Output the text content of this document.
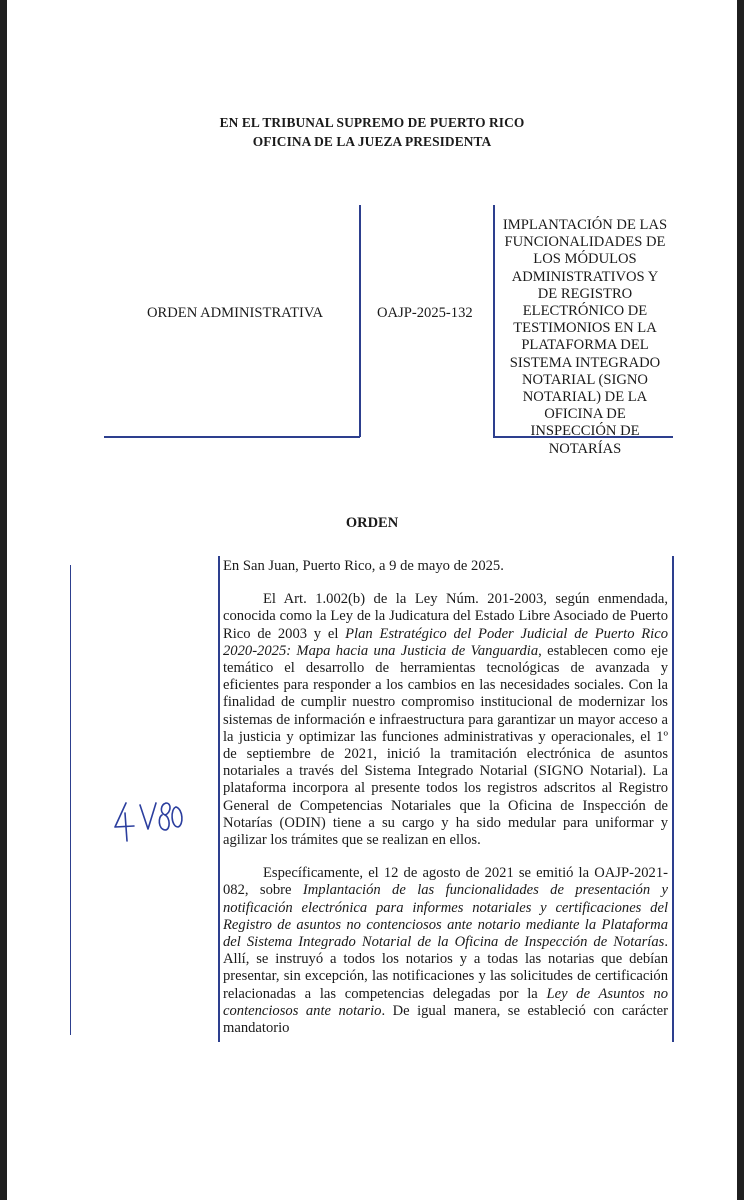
EN EL TRIBUNAL SUPREMO DE PUERTO RICO
OFICINA DE LA JUEZA PRESIDENTA
ORDEN ADMINISTRATIVA	OAJP-2025-132
IMPLANTACIÓN DE LAS
FUNCIONALIDADES DE
LOS MÓDULOS
ADMINISTRATIVOS Y
DE REGISTRO
ELECTRÓNICO DE
TESTIMONIOS EN LA
PLATAFORMA DEL
SISTEMA INTEGRADO
NOTARIAL (SIGNO
NOTARIAL) DE LA
OFICINA DE
INSPECCIÓN DE
NOTARÍAS
ORDEN

En San Juan, Puerto Rico, a 9 de mayo de 2025.

El Art. 1.002(b) de la Ley Núm. 201-2003, según enmendada, conocida como la Ley de la Judicatura del Estado Libre Asociado de Puerto Rico de 2003 y el Plan Estratégico del Poder Judicial de Puerto Rico 2020-2025: Mapa hacia una Justicia de Vanguardia, establecen como eje temático el desarrollo de herramientas tecnológicas de avanzada y eficientes para responder a los cambios en las necesidades sociales. Con la finalidad de cumplir nuestro compromiso institucional de modernizar los sistemas de información e infraestructura para garantizar un mayor acceso a la justicia y optimizar las funciones administrativas y operacionales, el 1º de septiembre de 2021, inició la tramitación electrónica de asuntos notariales a través del Sistema Integrado Notarial (SIGNO Notarial). La plataforma incorpora al presente todos los registros adscritos al Registro General de Competencias Notariales que la Oficina de Inspección de Notarías (ODIN) tiene a su cargo y ha sido medular para uniformar y agilizar los trámites que se realizan en ellos.

Específicamente, el 12 de agosto de 2021 se emitió la OAJP-2021-082, sobre Implantación de las funcionalidades de presentación y notificación electrónica para informes notariales y certificaciones del Registro de asuntos no contenciosos ante notario mediante la Plataforma del Sistema Integrado Notarial de la Oficina de Inspección de Notarías. Allí, se instruyó a todos los notarios y a todas las notarias que debían presentar, sin excepción, las notificaciones y las solicitudes de certificación relacionadas a las competencias delegadas por la Ley de Asuntos no contenciosos ante notario. De igual manera, se estableció con carácter mandatorio
